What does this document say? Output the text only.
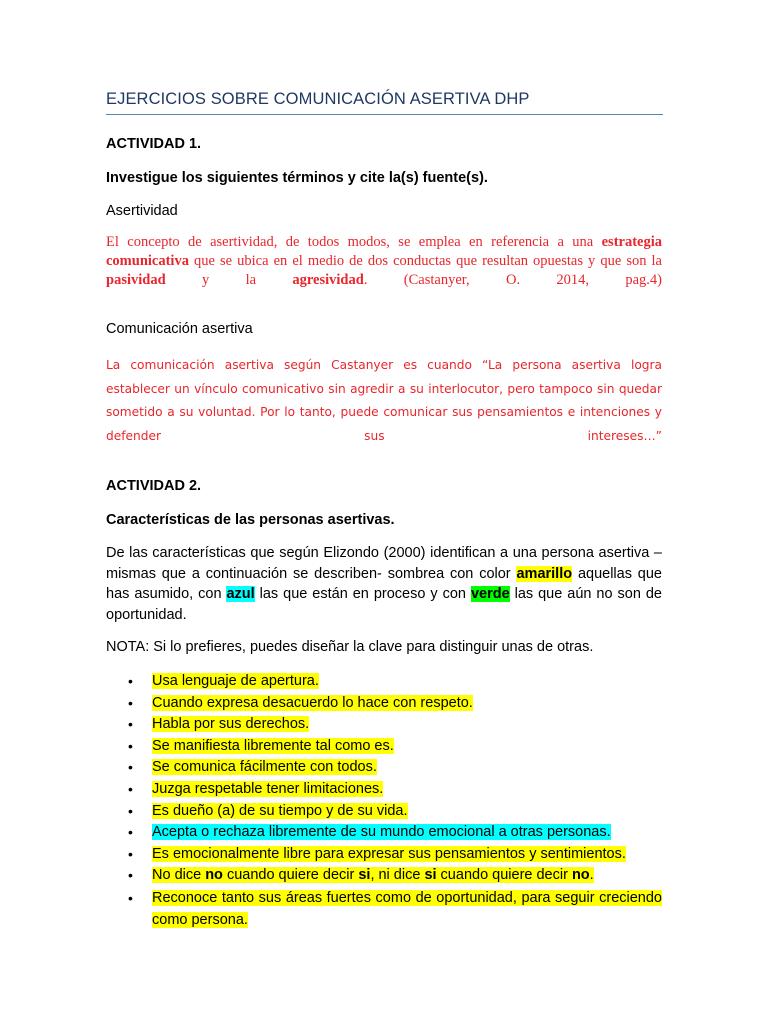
EJERCICIOS SOBRE COMUNICACIÓN ASERTIVA DHP
ACTIVIDAD 1.
Investigue los siguientes términos y cite la(s) fuente(s).
Asertividad
El concepto de asertividad, de todos modos, se emplea en referencia a una estrategia comunicativa que se ubica en el medio de dos conductas que resultan opuestas y que son la pasividad y la agresividad. (Castanyer, O. 2014, pag.4)
Comunicación asertiva
La comunicación asertiva según Castanyer es cuando “La persona asertiva logra establecer un vínculo comunicativo sin agredir a su interlocutor, pero tampoco sin quedar sometido a su voluntad. Por lo tanto, puede comunicar sus pensamientos e intenciones y defender sus intereses…”
ACTIVIDAD 2.
Características de las personas asertivas.
De las características que según Elizondo (2000) identifican a una persona asertiva –mismas que a continuación se describen- sombrea con color amarillo aquellas que has asumido, con azul las que están en proceso y con verde las que aún no son de oportunidad.
NOTA: Si lo prefieres, puedes diseñar la clave para distinguir unas de otras.
• Usa lenguaje de apertura.
• Cuando expresa desacuerdo lo hace con respeto.
• Habla por sus derechos.
• Se manifiesta libremente tal como es.
• Se comunica fácilmente con todos.
• Juzga respetable tener limitaciones.
• Es dueño (a) de su tiempo y de su vida.
• Acepta o rechaza libremente de su mundo emocional a otras personas.
• Es emocionalmente libre para expresar sus pensamientos y sentimientos.
• No dice no cuando quiere decir si, ni dice si cuando quiere decir no.
• Reconoce tanto sus áreas fuertes como de oportunidad, para seguir creciendo como persona.
